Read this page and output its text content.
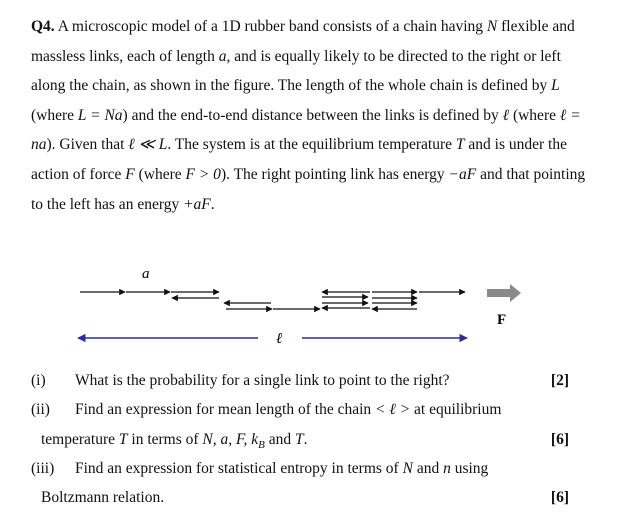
Q4. A microscopic model of a 1D rubber band consists of a chain having N flexible and massless links, each of length a, and is equally likely to be directed to the right or left along the chain, as shown in the figure. The length of the whole chain is defined by L (where L = Na) and the end-to-end distance between the links is defined by ℓ (where ℓ = na). Given that ℓ ≪ L. The system is at the equilibrium temperature T and is under the action of force F (where F > 0). The right pointing link has energy −aF and that pointing to the left has an energy +aF.
a
F
ℓ
(i) What is the probability for a single link to point to the right?	[2]
(ii) Find an expression for mean length of the chain < ℓ > at equilibrium
temperature T in terms of N, a, F, $k_B$ and T.	[6]
(iii) Find an expression for statistical entropy in terms of N and n using
Boltzmann relation.	[6]
